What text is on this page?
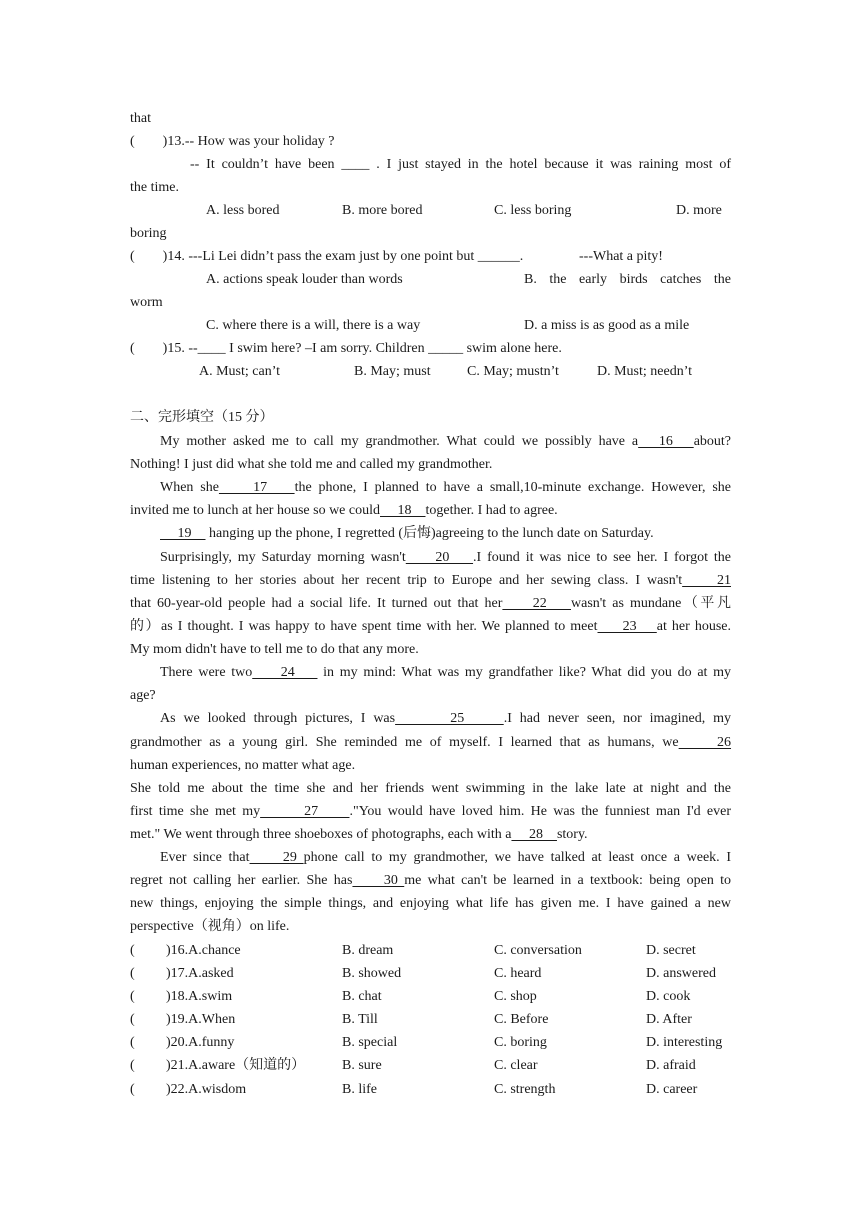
that
( )13.-- How was your holiday ?
-- It couldn’t have been ____ . I just stayed in the hotel because it was raining most of
the time.
A. less bored	B. more bored	C. less boring	D. more
boring
( )14. ---Li Lei didn’t pass the exam just by one point but ______.	---What a pity!
A. actions speak louder than words	B. the early birds catches the
worm
C. where there is a will, there is a way	D. a miss is as good as a mile
( )15. --____ I swim here? –I am sorry. Children _____ swim alone here.
A. Must; can’t	B. May; must	C. May; mustn’t	D. Must; needn’t
二、完形填空（15 分）
My mother asked me to call my grandmother. What could we possibly have a   16   about?
Nothing! I just did what she told me and called my grandmother.
When she     17    the phone, I planned to have a small,10-minute exchange. However, she
invited me to lunch at her house so we could     18    together. I had to agree.
19     hanging up the phone, I regretted (后悔)agreeing to the lunch date on Saturday.
Surprisingly, my Saturday morning wasn't     20    .I found it was nice to see her. I forgot the
time listening to her stories about her recent trip to Europe and her sewing class. I wasn't     21
that 60-year-old people had a social life. It turned out that her     22    wasn't as mundane（平凡
的）as I thought. I was happy to have spent time with her. We planned to meet     23    at her house.
My mom didn't have to tell me to do that any more.
There were two     24     in my mind: What was my grandfather like? What did you do at my
age?
As we looked through pictures, I was       25     .I had never seen, nor imagined, my
grandmother as a young girl. She reminded me of myself. I learned that as humans, we     26
human experiences, no matter what age.
She told me about the time she and her friends went swimming in the lake late at night and the
first time she met my       27     ."You would have loved him. He was the funniest man I'd ever
met." We went through three shoeboxes of photographs, each with a     28    story.
Ever since that     29 phone call to my grandmother, we have talked at least once a week. I
regret not calling her earlier. She has     30 me what can't be learned in a textbook: being open to
new things, enjoying the simple things, and enjoying what life has given me. I have gained a new
perspective（视角）on life.
( )16.A.chance	B. dream	C. conversation	D. secret
( )17.A.asked	B. showed	C. heard	D. answered
( )18.A.swim	B. chat	C. shop	D. cook
( )19.A.When	B. Till	C. Before	D. After
( )20.A.funny	B. special	C. boring	D. interesting
( )21.A.aware（知道的）	B. sure	C. clear	D. afraid
( )22.A.wisdom	B. life	C. strength	D. career
